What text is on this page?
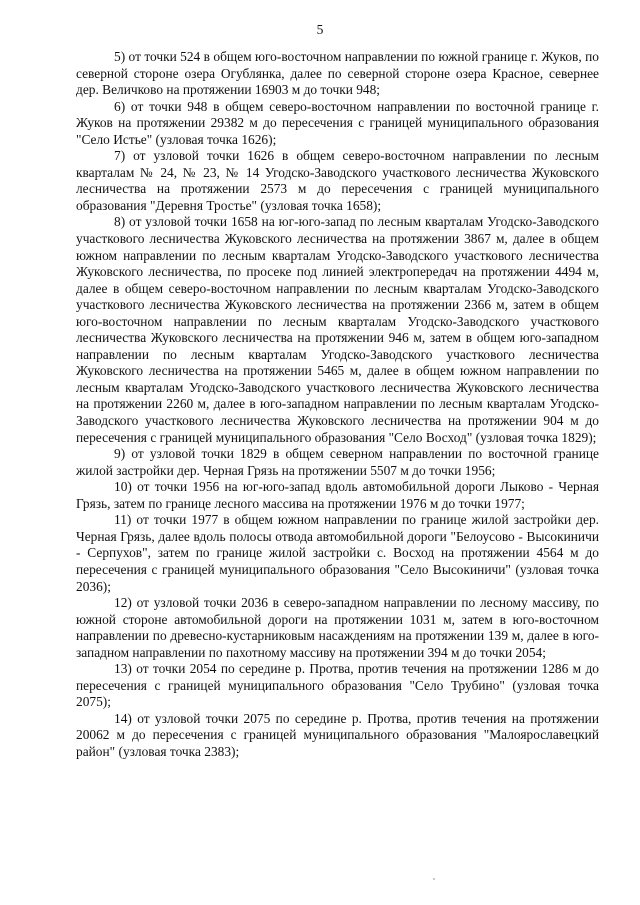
5

5) от точки 524 в общем юго-восточном направлении по южной границе г. Жуков, по северной стороне озера Огублянка, далее по северной стороне озера Красное, севернее дер. Величково на протяжении 16903 м до точки 948;

6) от точки 948 в общем северо-восточном направлении по восточной границе г. Жуков на протяжении 29382 м до пересечения с границей муниципального образования "Село Истье" (узловая точка 1626);

7) от узловой точки 1626 в общем северо-восточном направлении по лесным кварталам № 24, № 23, № 14 Угодско-Заводского участкового лесничества Жуковского лесничества на протяжении 2573 м до пересечения с границей муниципального образования "Деревня Тростье" (узловая точка 1658);

8) от узловой точки 1658 на юг-юго-запад по лесным кварталам Угодско-Заводского участкового лесничества Жуковского лесничества на протяжении 3867 м, далее в общем южном направлении по лесным кварталам Угодско-Заводского участкового лесничества Жуковского лесничества, по просеке под линией электропередач на протяжении 4494 м, далее в общем северо-восточном направлении по лесным кварталам Угодско-Заводского участкового лесничества Жуковского лесничества на протяжении 2366 м, затем в общем юго-восточном направлении по лесным кварталам Угодско-Заводского участкового лесничества Жуковского лесничества на протяжении 946 м, затем в общем юго-западном направлении по лесным кварталам Угодско-Заводского участкового лесничества Жуковского лесничества на протяжении 5465 м, далее в общем южном направлении по лесным кварталам Угодско-Заводского участкового лесничества Жуковского лесничества на протяжении 2260 м, далее в юго-западном направлении по лесным кварталам Угодско-Заводского участкового лесничества Жуковского лесничества на протяжении 904 м до пересечения с границей муниципального образования "Село Восход" (узловая точка 1829);

9) от узловой точки 1829 в общем северном направлении по восточной границе жилой застройки дер. Черная Грязь на протяжении 5507 м до точки 1956;

10) от точки 1956 на юг-юго-запад вдоль автомобильной дороги Лыково - Черная Грязь, затем по границе лесного массива на протяжении 1976 м до точки 1977;

11) от точки 1977 в общем южном направлении по границе жилой застройки дер. Черная Грязь, далее вдоль полосы отвода автомобильной дороги "Белоусово - Высокиничи - Серпухов", затем по границе жилой застройки с. Восход на протяжении 4564 м до пересечения с границей муниципального образования "Село Высокиничи" (узловая точка 2036);

12) от узловой точки 2036 в северо-западном направлении по лесному массиву, по южной стороне автомобильной дороги на протяжении 1031 м, затем в юго-восточном направлении по древесно-кустарниковым насаждениям на протяжении 139 м, далее в юго-западном направлении по пахотному массиву на протяжении 394 м до точки 2054;

13) от точки 2054 по середине р. Протва, против течения на протяжении 1286 м до пересечения с границей муниципального образования "Село Трубино" (узловая точка 2075);

14) от узловой точки 2075 по середине р. Протва, против течения на протяжении 20062 м до пересечения с границей муниципального образования "Малоярославецкий район" (узловая точка 2383);
